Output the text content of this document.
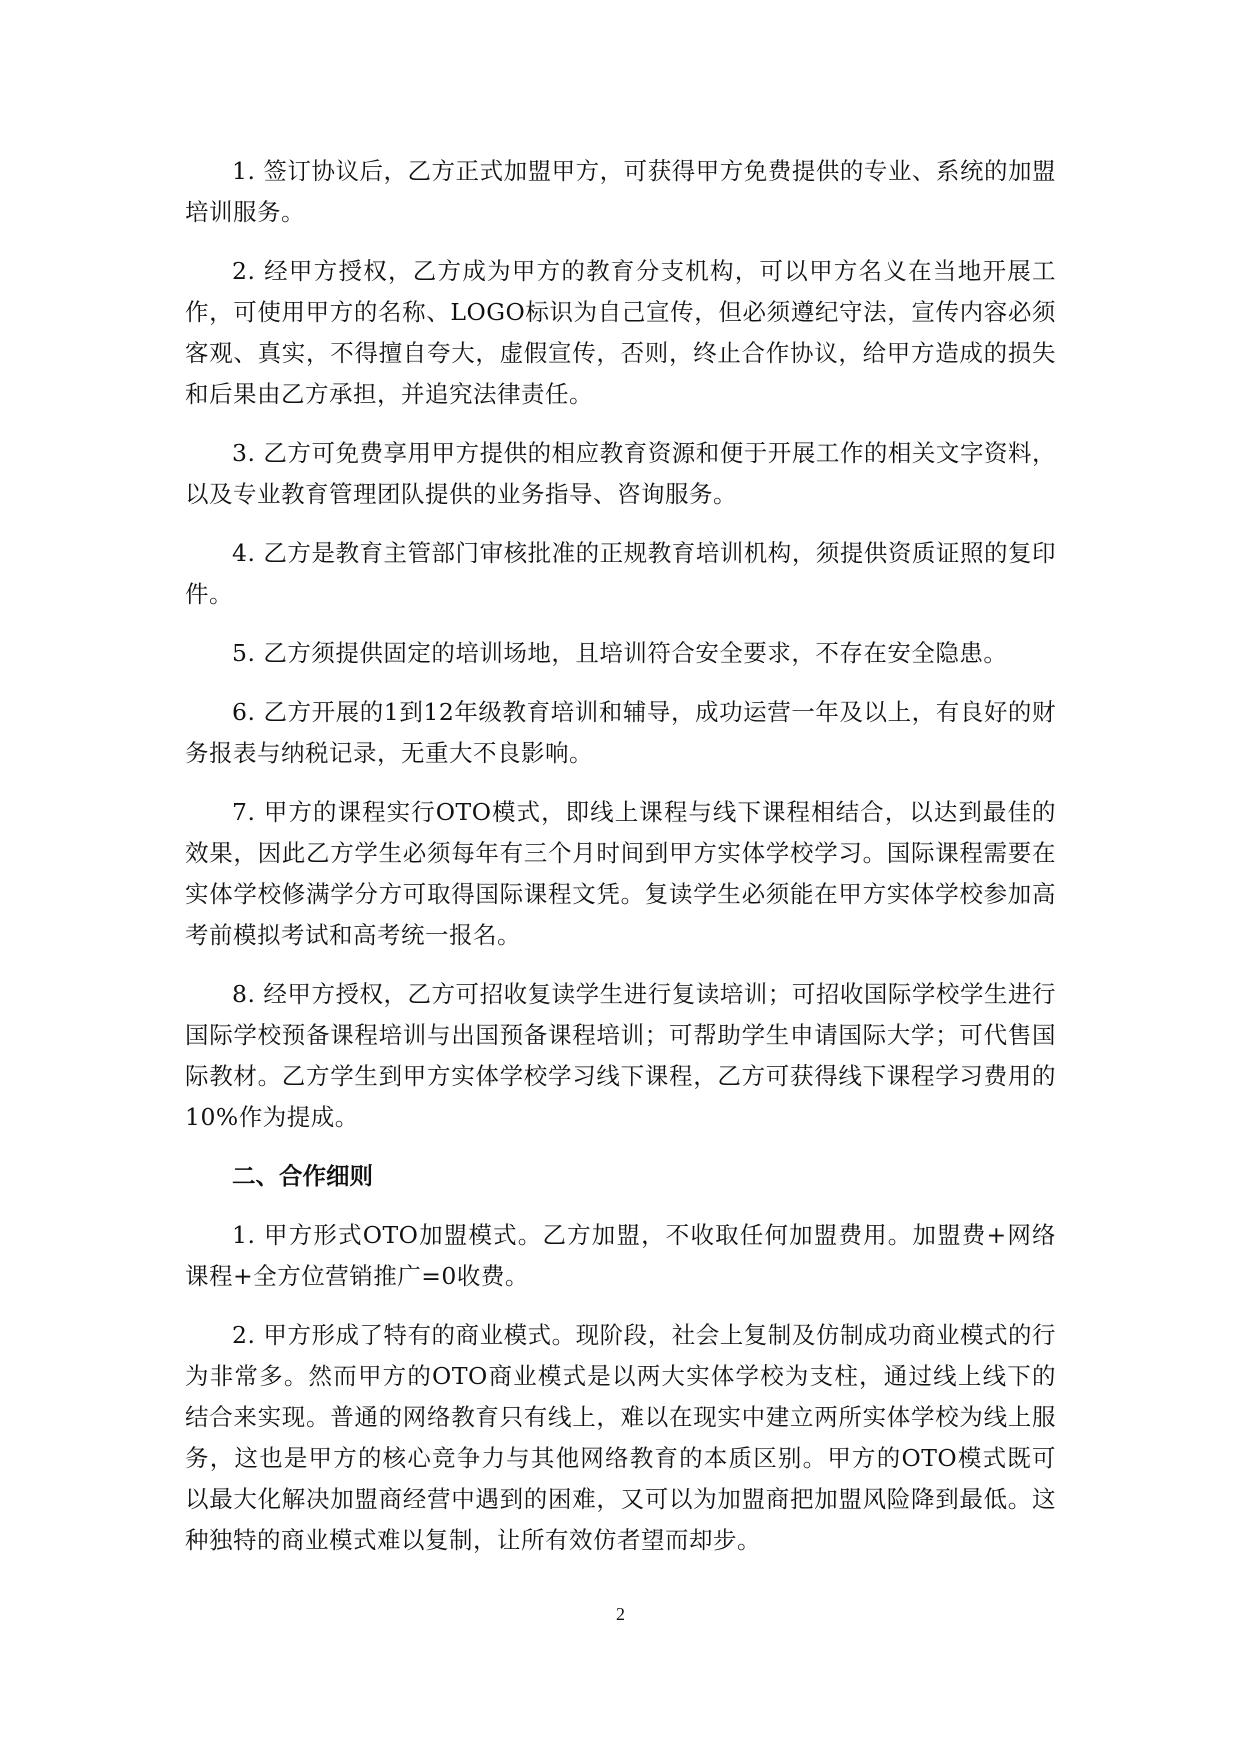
1. 签订协议后，乙方正式加盟甲方，可获得甲方免费提供的专业、系统的加盟培训服务。

2. 经甲方授权，乙方成为甲方的教育分支机构，可以甲方名义在当地开展工作，可使用甲方的名称、LOGO标识为自己宣传，但必须遵纪守法，宣传内容必须客观、真实，不得擅自夸大，虚假宣传，否则，终止合作协议，给甲方造成的损失和后果由乙方承担，并追究法律责任。

3. 乙方可免费享用甲方提供的相应教育资源和便于开展工作的相关文字资料，以及专业教育管理团队提供的业务指导、咨询服务。

4. 乙方是教育主管部门审核批准的正规教育培训机构，须提供资质证照的复印件。

5. 乙方须提供固定的培训场地，且培训符合安全要求，不存在安全隐患。

6. 乙方开展的1到12年级教育培训和辅导，成功运营一年及以上，有良好的财务报表与纳税记录，无重大不良影响。

7. 甲方的课程实行OTO模式，即线上课程与线下课程相结合，以达到最佳的效果，因此乙方学生必须每年有三个月时间到甲方实体学校学习。国际课程需要在实体学校修满学分方可取得国际课程文凭。复读学生必须能在甲方实体学校参加高考前模拟考试和高考统一报名。

8. 经甲方授权，乙方可招收复读学生进行复读培训；可招收国际学校学生进行国际学校预备课程培训与出国预备课程培训；可帮助学生申请国际大学；可代售国际教材。乙方学生到甲方实体学校学习线下课程，乙方可获得线下课程学习费用的10%作为提成。

二、合作细则

1. 甲方形式OTO加盟模式。乙方加盟，不收取任何加盟费用。加盟费+网络课程+全方位营销推广=0收费。

2. 甲方形成了特有的商业模式。现阶段，社会上复制及仿制成功商业模式的行为非常多。然而甲方的OTO商业模式是以两大实体学校为支柱，通过线上线下的结合来实现。普通的网络教育只有线上，难以在现实中建立两所实体学校为线上服务，这也是甲方的核心竞争力与其他网络教育的本质区别。甲方的OTO模式既可以最大化解决加盟商经营中遇到的困难，又可以为加盟商把加盟风险降到最低。这种独特的商业模式难以复制，让所有效仿者望而却步。

2
